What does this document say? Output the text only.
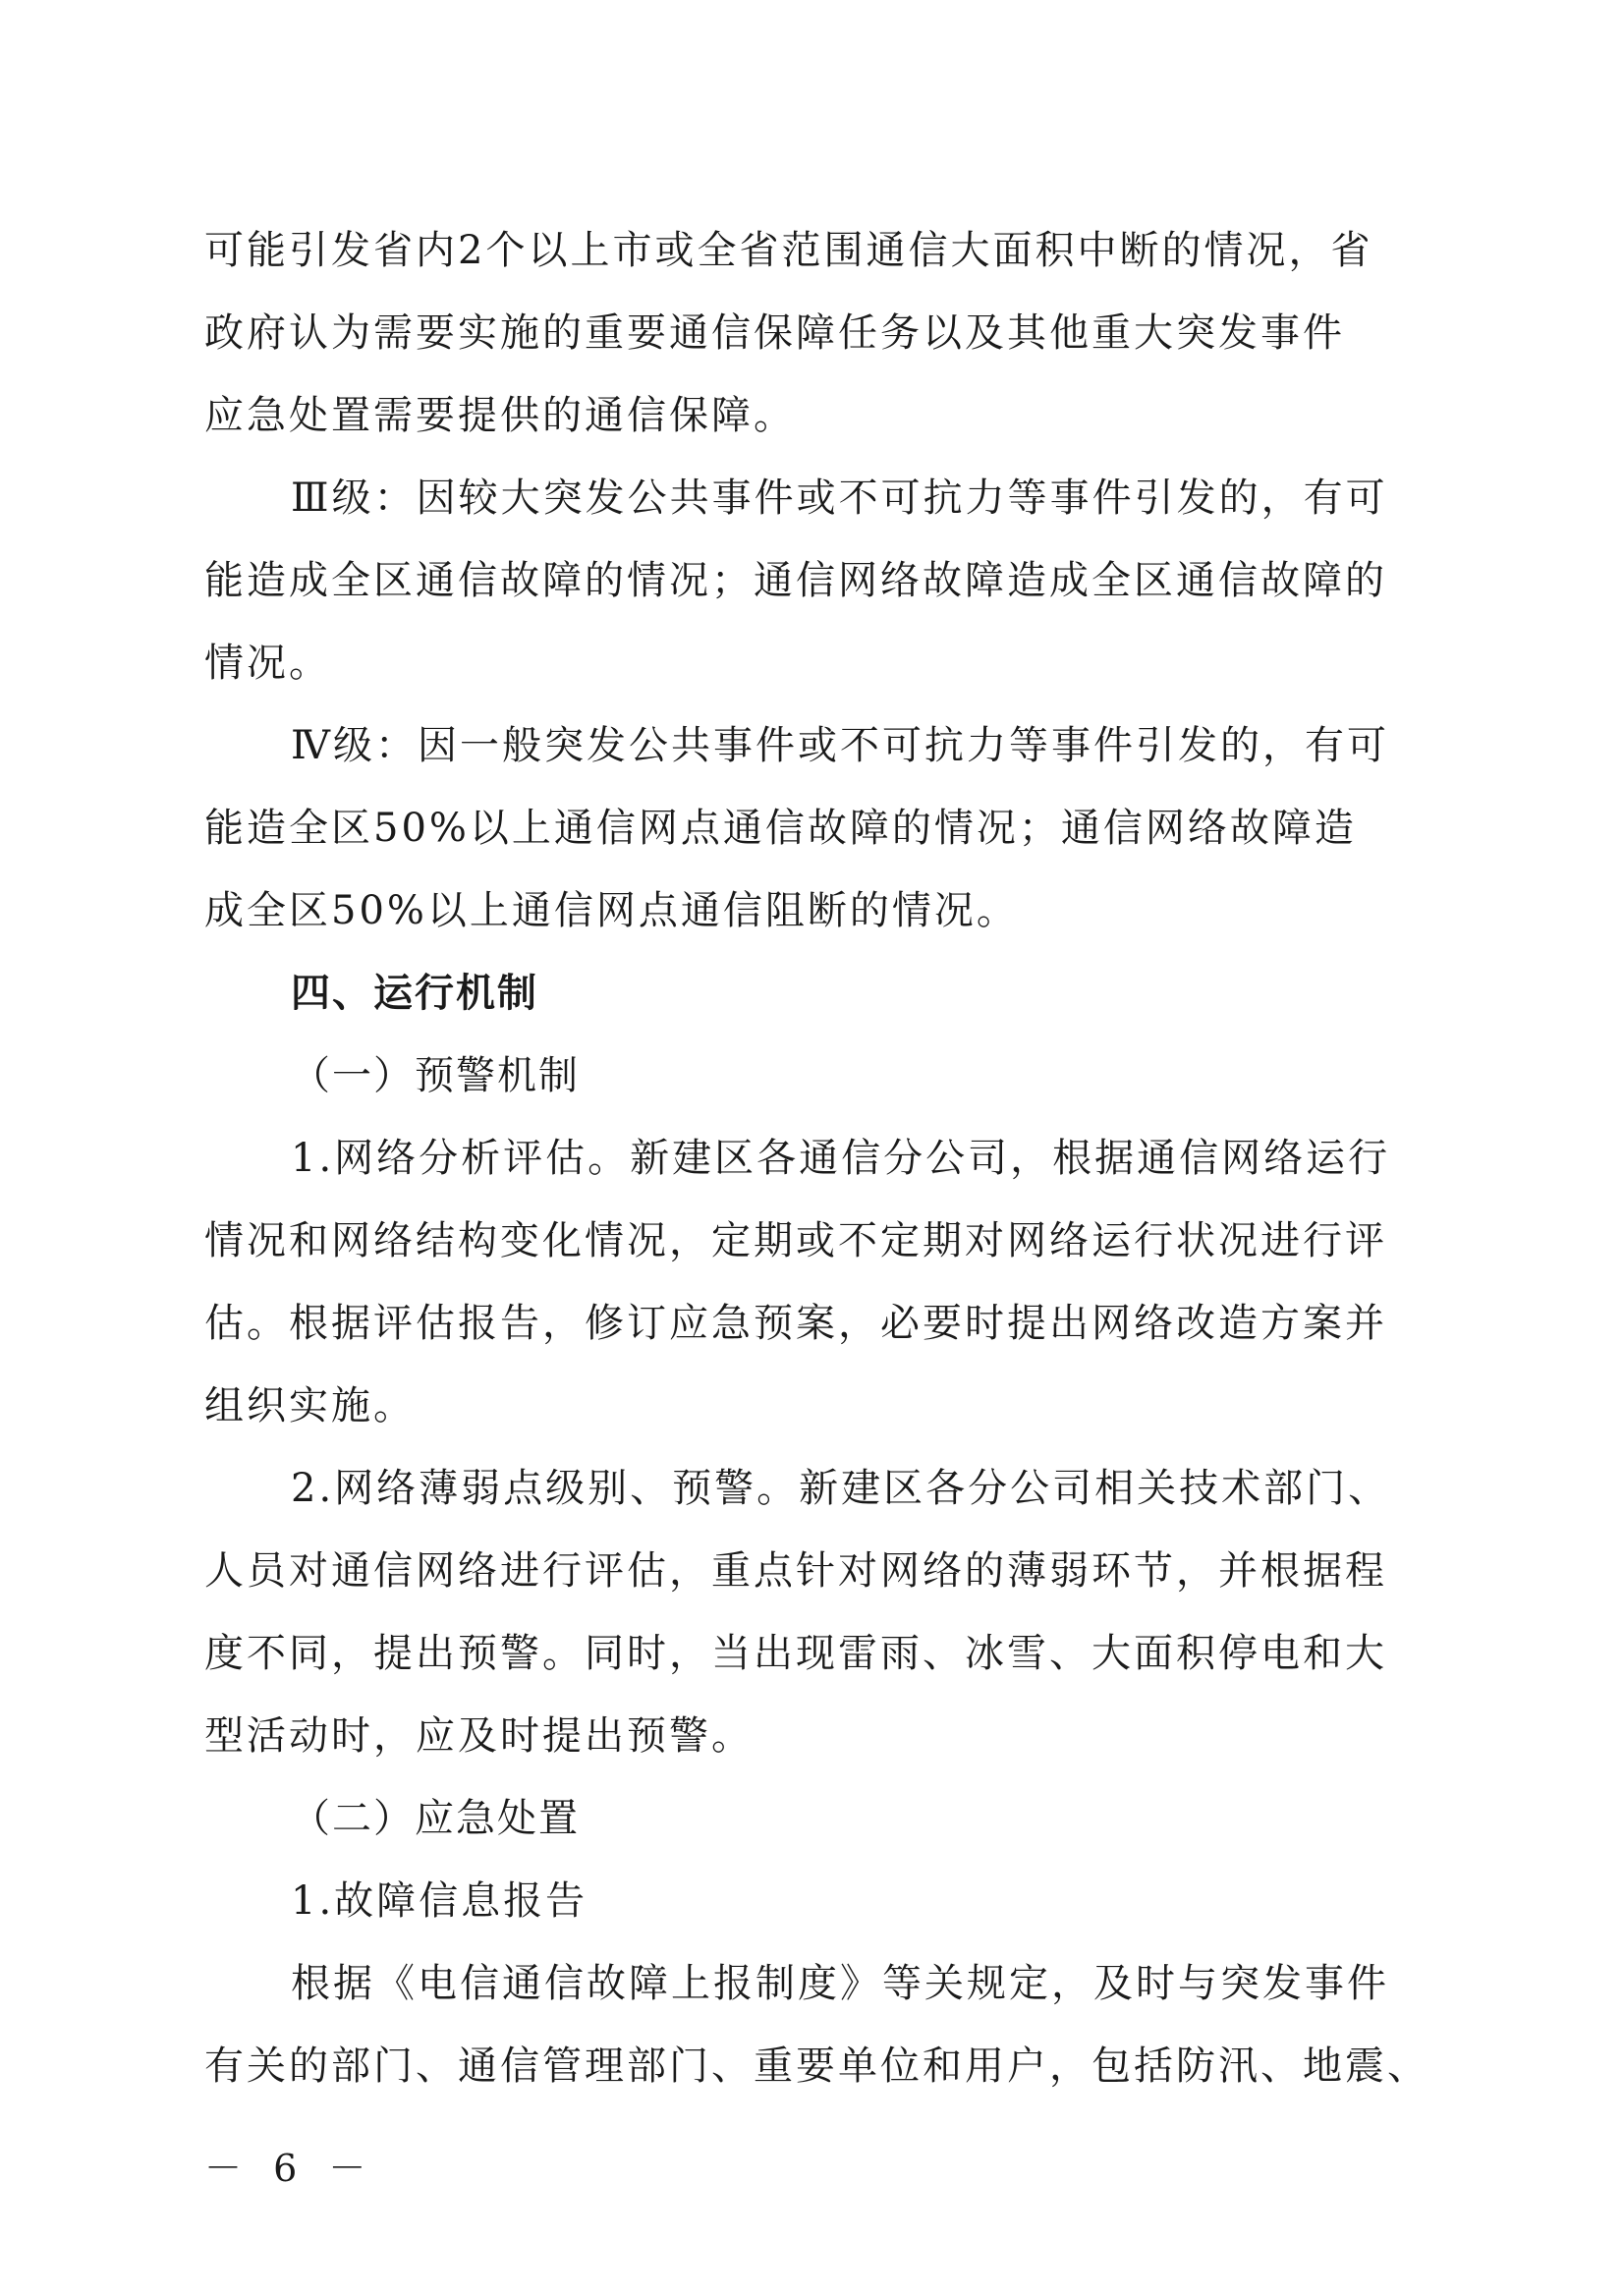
可能引发省内2个以上市或全省范围通信大面积中断的情况，省
政府认为需要实施的重要通信保障任务以及其他重大突发事件
应急处置需要提供的通信保障。
Ⅲ级：因较大突发公共事件或不可抗力等事件引发的，有可
能造成全区通信故障的情况；通信网络故障造成全区通信故障的
情况。
Ⅳ级：因一般突发公共事件或不可抗力等事件引发的，有可
能造全区50%以上通信网点通信故障的情况；通信网络故障造
成全区50%以上通信网点通信阻断的情况。
四、运行机制
（一）预警机制
1.网络分析评估。新建区各通信分公司，根据通信网络运行
情况和网络结构变化情况，定期或不定期对网络运行状况进行评
估。根据评估报告，修订应急预案，必要时提出网络改造方案并
组织实施。
2.网络薄弱点级别、预警。新建区各分公司相关技术部门、
人员对通信网络进行评估，重点针对网络的薄弱环节，并根据程
度不同，提出预警。同时，当出现雷雨、冰雪、大面积停电和大
型活动时，应及时提出预警。
（二）应急处置
1.故障信息报告
根据《电信通信故障上报制度》等关规定，及时与突发事件
有关的部门、通信管理部门、重要单位和用户，包括防汛、地震、
－ 6 －
